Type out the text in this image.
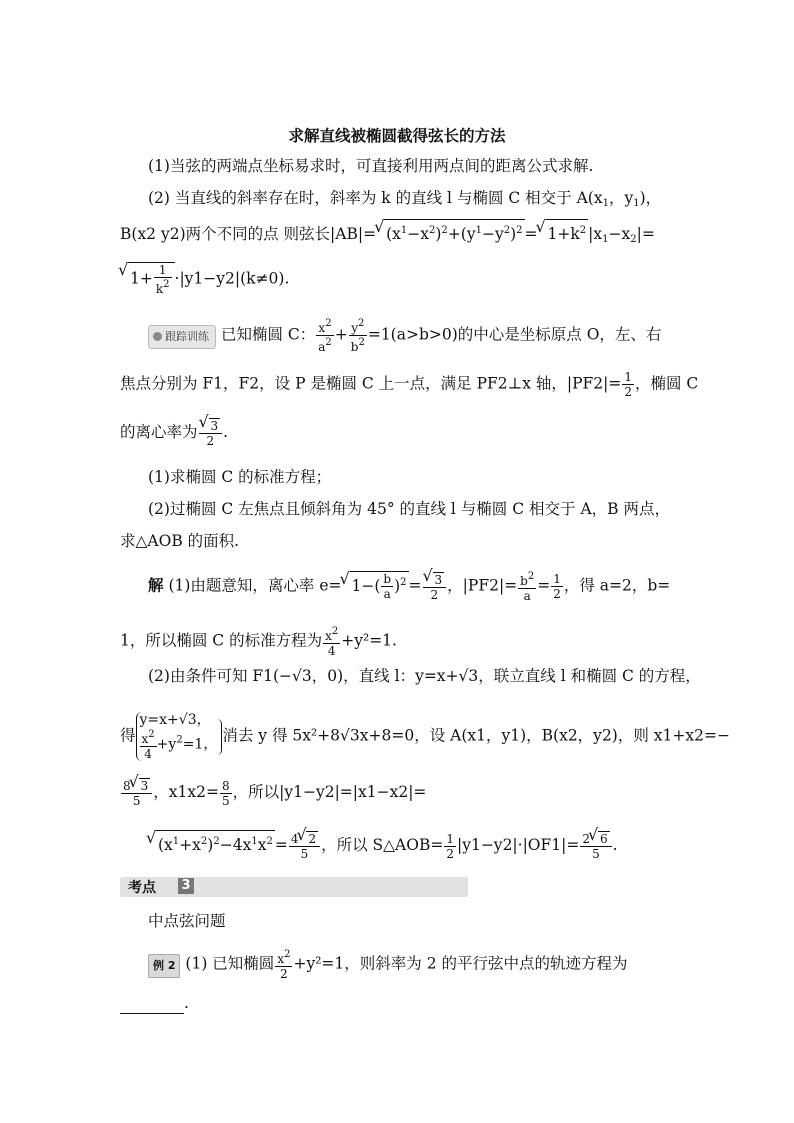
求解直线被椭圆截得弦长的方法
(1)当弦的两端点坐标易求时，可直接利用两点间的距离公式求解.
(2) 当直线的斜率存在时，斜率为 k 的直线 l 与椭圆 C 相交于 $A(x_1$，$y_1$)，
B(x2 y2)两个不同的点 则弦长|AB|= √ $(x^1-x^2)^2+(y^1-y^2)^2$ = √ $1+k^2$ $|x_1-x_2|=$
√ $1+ \frac{1}{k^2} \cdot|y1-y2|(k\ne 0)$.
跟踪训练 已知椭圆 C： $\frac{x^2}{a^2} + \frac{y^2}{b^2} =1(a>b>0)$的中心是坐标原点 O，左、右
焦点分别为 F1，F2，设 P 是椭圆 C 上一点，满足 PF2⊥x 轴，$|PF2|= \frac{1}{2}$ ，椭圆 C
的离心率为 √ $\frac{3}{2}$ .
(1)求椭圆 C 的标准方程；
(2)过椭圆 C 左焦点且倾斜角为 45° 的直线 l 与椭圆 C 相交于 A，B 两点，
求△AOB 的面积.
解 (1)由题意知，离心率 e= √ $1-( \frac{b}{a} )^2$ = √ $\frac{3}{2}$ ，$|PF2|= \frac{b^2}{a} = \frac{1}{2}$ ，得 a=2，b=
1，所以椭圆 C 的标准方程为 $\frac{x^2}{4} +y^2=1$.
(2)由条件可知 F1(−√3，0)，直线 l：y=x+√3，联立直线 l 和椭圆 C 的方程，
得y=x+√3，

$\frac{x^2}{4} +y^2=1$， 消去 y 得 5x²+8√3x+8=0，设 A(x1，y1)，B(x2，y2)，则 x1+x2=−
$\frac{8 √ 3}{5}$ ，$x1x2= \frac{8}{5}$ ，所以|y1−y2|=|x1−x2|=
√ $(x^1+x^2)^2-4x^1x^2 = \frac{4 √ 2}{5}$ ，所以 S△AOB= $\frac{1}{2} |y1-y2|\cdot|OF1|= \frac{2 √ 6}{5}$ .
考点 3
中点弦问题
例 2 (1) 已知椭圆 $\frac{x^2}{2} +y^2=1$，则斜率为 2 的平行弦中点的轨迹方程为
.
